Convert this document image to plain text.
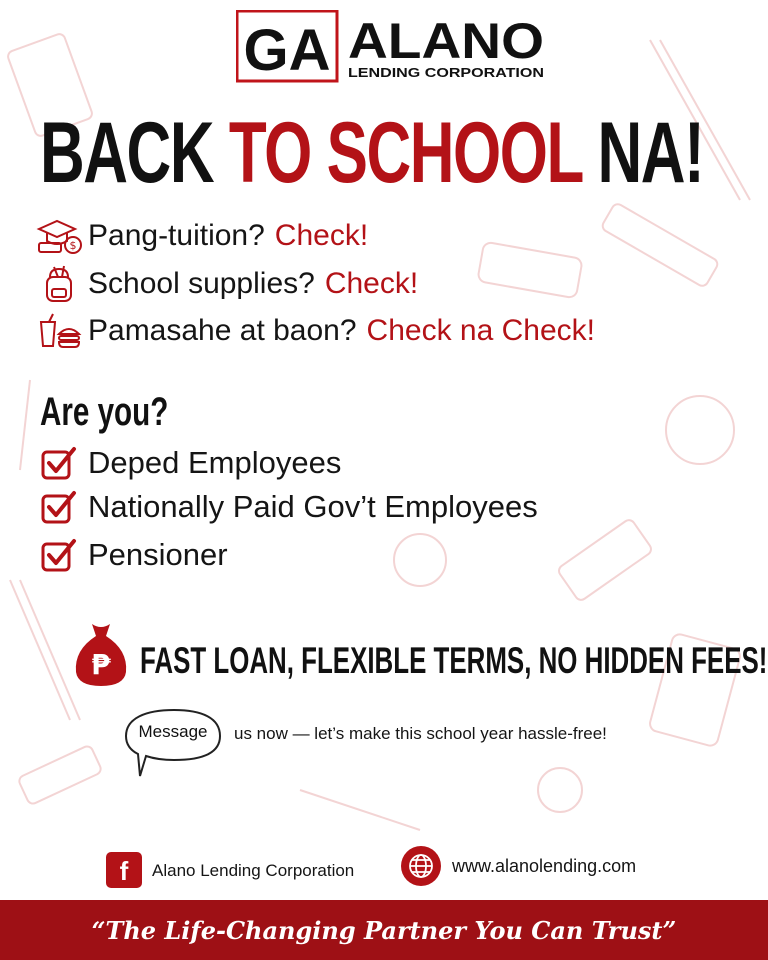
GA ALANO
LENDING CORPORATION
BACK TO SCHOOL NA!
$ Pang-tuition? Check!
School supplies? Check!
Pamasahe at baon? Check na Check!
Are you?
Deped Employees
Nationally Paid Gov’t Employees
Pensioner
₱ FAST LOAN, FLEXIBLE TERMS, NO HIDDEN FEES!
Message	us now — let’s make this school year hassle-free!
f	Alano Lending Corporation	www.alanolending.com
“The Life-Changing Partner You Can Trust”
